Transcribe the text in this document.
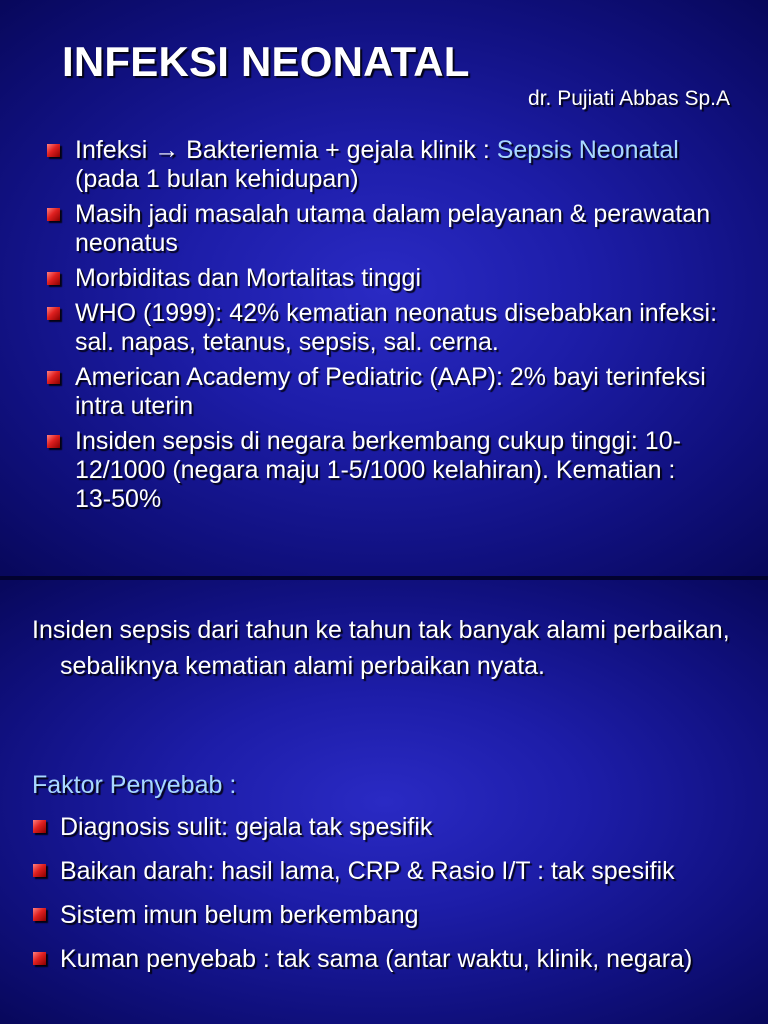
INFEKSI NEONATAL
dr. Pujiati Abbas Sp.A
Infeksi → Bakteriemia + gejala klinik : Sepsis Neonatal (pada 1 bulan kehidupan)
Masih jadi masalah utama dalam pelayanan & perawatan neonatus
Morbiditas dan Mortalitas tinggi
WHO (1999): 42% kematian neonatus disebabkan infeksi: sal. napas, tetanus, sepsis, sal. cerna.
American Academy of Pediatric (AAP): 2% bayi terinfeksi intra uterin
Insiden sepsis di negara berkembang cukup tinggi: 10-12/1000 (negara maju 1-5/1000 kelahiran). Kematian : 13-50%

Insiden sepsis dari tahun ke tahun tak banyak alami perbaikan, sebaliknya kematian alami perbaikan nyata.

Faktor Penyebab :
Diagnosis sulit: gejala tak spesifik
Baikan darah: hasil lama, CRP & Rasio I/T : tak spesifik
Sistem imun belum berkembang
Kuman penyebab : tak sama (antar waktu, klinik, negara)
